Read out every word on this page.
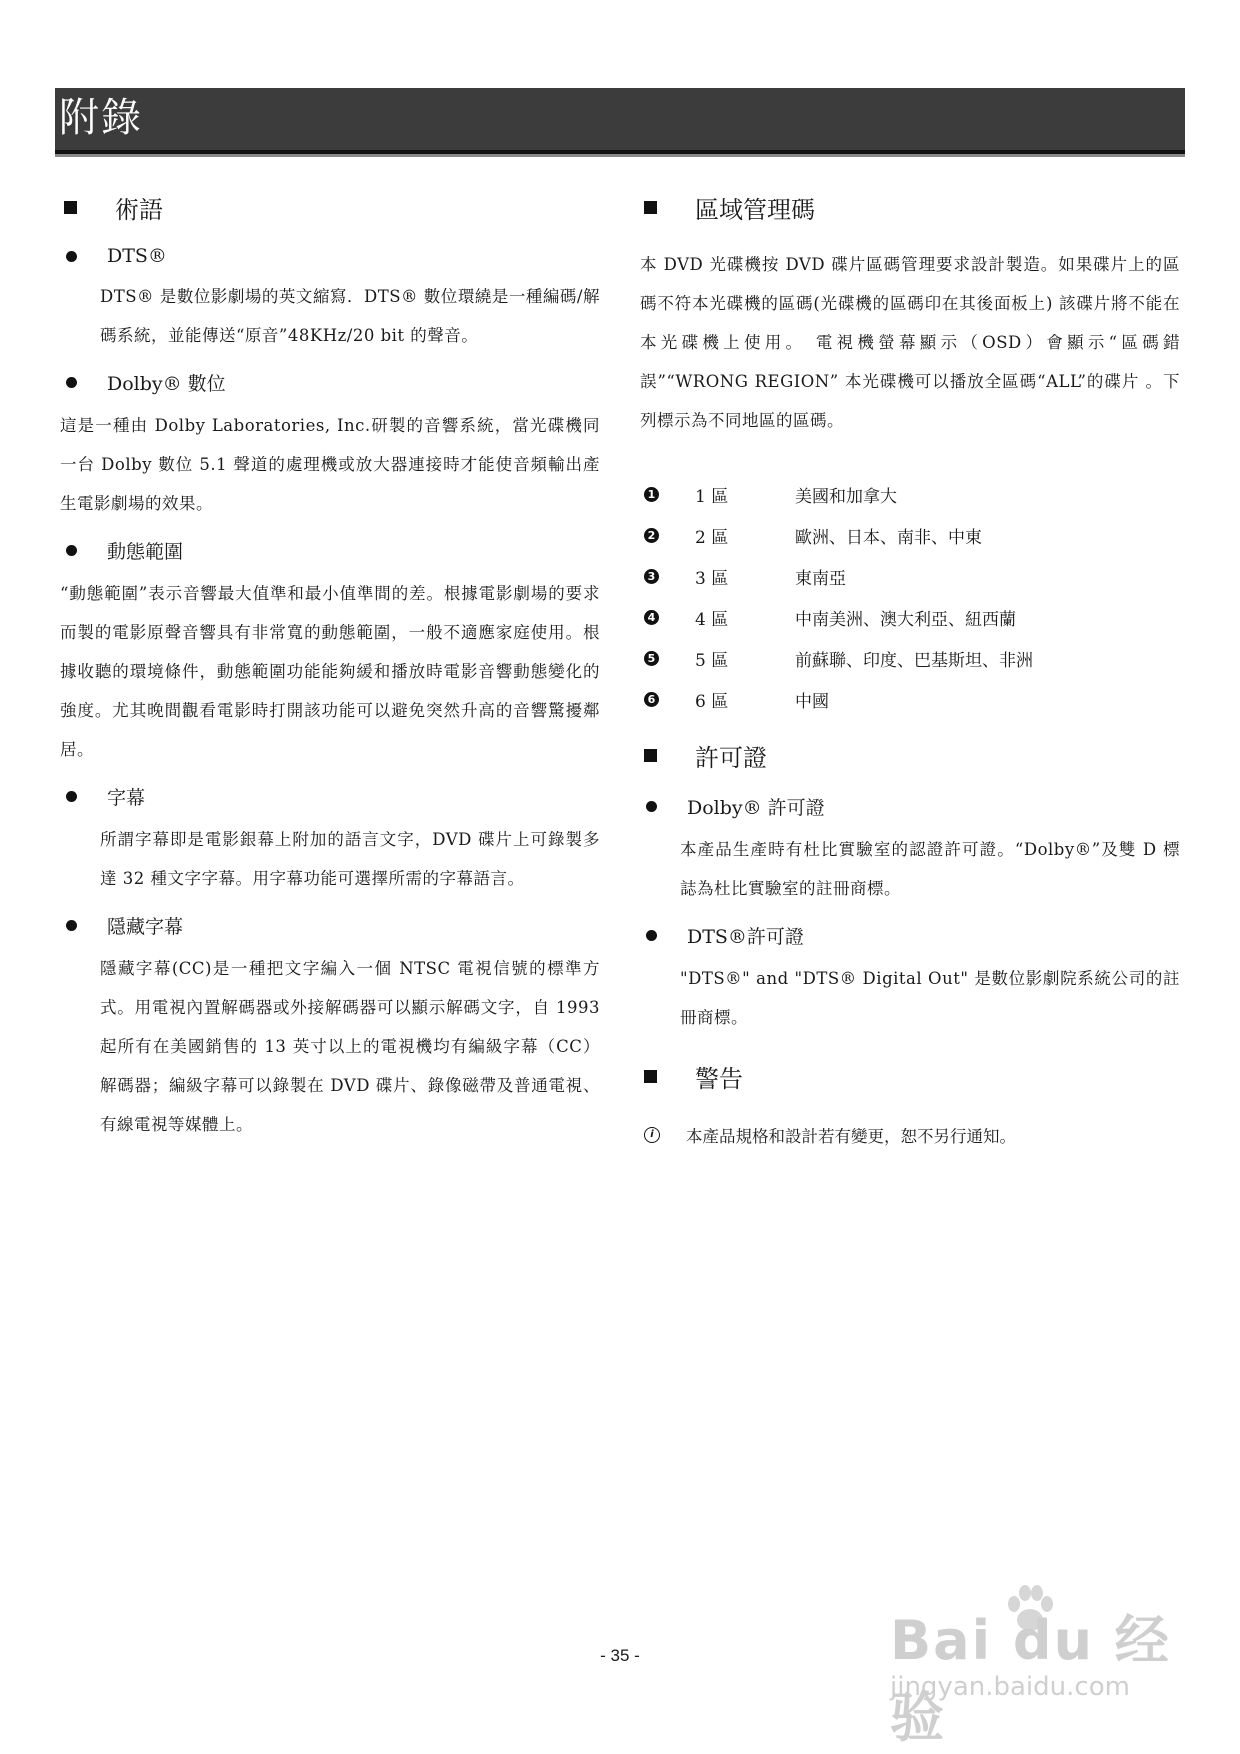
附錄
術語
DTS®
DTS® 是數位影劇場的英文縮寫．DTS® 數位環繞是一種編碼/解碼系統，並能傳送“原音”48KHz/20 bit 的聲音。
Dolby® 數位
這是一種由 Dolby Laboratories, Inc.研製的音響系統，當光碟機同一台 Dolby 數位 5.1 聲道的處理機或放大器連接時才能使音頻輸出產生電影劇場的效果。
動態範圍
“動態範圍”表示音響最大值準和最小值準間的差。根據電影劇場的要求而製的電影原聲音響具有非常寬的動態範圍，一般不適應家庭使用。根據收聽的環境條件，動態範圍功能能夠緩和播放時電影音響動態變化的強度。尤其晚間觀看電影時打開該功能可以避免突然升高的音響驚擾鄰居。
字幕
所謂字幕即是電影銀幕上附加的語言文字，DVD 碟片上可錄製多達 32 種文字字幕。用字幕功能可選擇所需的字幕語言。
隱藏字幕
隱藏字幕(CC)是一種把文字編入一個 NTSC 電視信號的標準方式。用電視內置解碼器或外接解碼器可以顯示解碼文字，自 1993 起所有在美國銷售的 13 英寸以上的電視機均有編級字幕（CC）解碼器；編級字幕可以錄製在 DVD 碟片、錄像磁帶及普通電視、有線電視等媒體上。
區域管理碼
本 DVD 光碟機按 DVD 碟片區碼管理要求設計製造。如果碟片上的區碼不符本光碟機的區碼(光碟機的區碼印在其後面板上) 該碟片將不能在本光碟機上使用。 電視機螢幕顯示（OSD）會顯示“區碼錯誤”“WRONG REGION” 本光碟機可以播放全區碼“ALL”的碟片 。下列標示為不同地區的區碼。
1 1 區	美國和加拿大
2 2 區	歐洲、日本、南非、中東
3 3 區	東南亞
4 4 區	中南美洲、澳大利亞、紐西蘭
5 5 區	前蘇聯、印度、巴基斯坦、非洲
6 6 區	中國
許可證
Dolby® 許可證
本產品生產時有杜比實驗室的認證許可證。“Dolby®”及雙 D 標誌為杜比實驗室的註冊商標。
DTS®許可證
"DTS®" and "DTS® Digital Out" 是數位影劇院系統公司的註冊商標。
警告
i	本產品規格和設計若有變更，恕不另行通知。
- 35 -	Bai du 经验
jingyan.baidu.com
